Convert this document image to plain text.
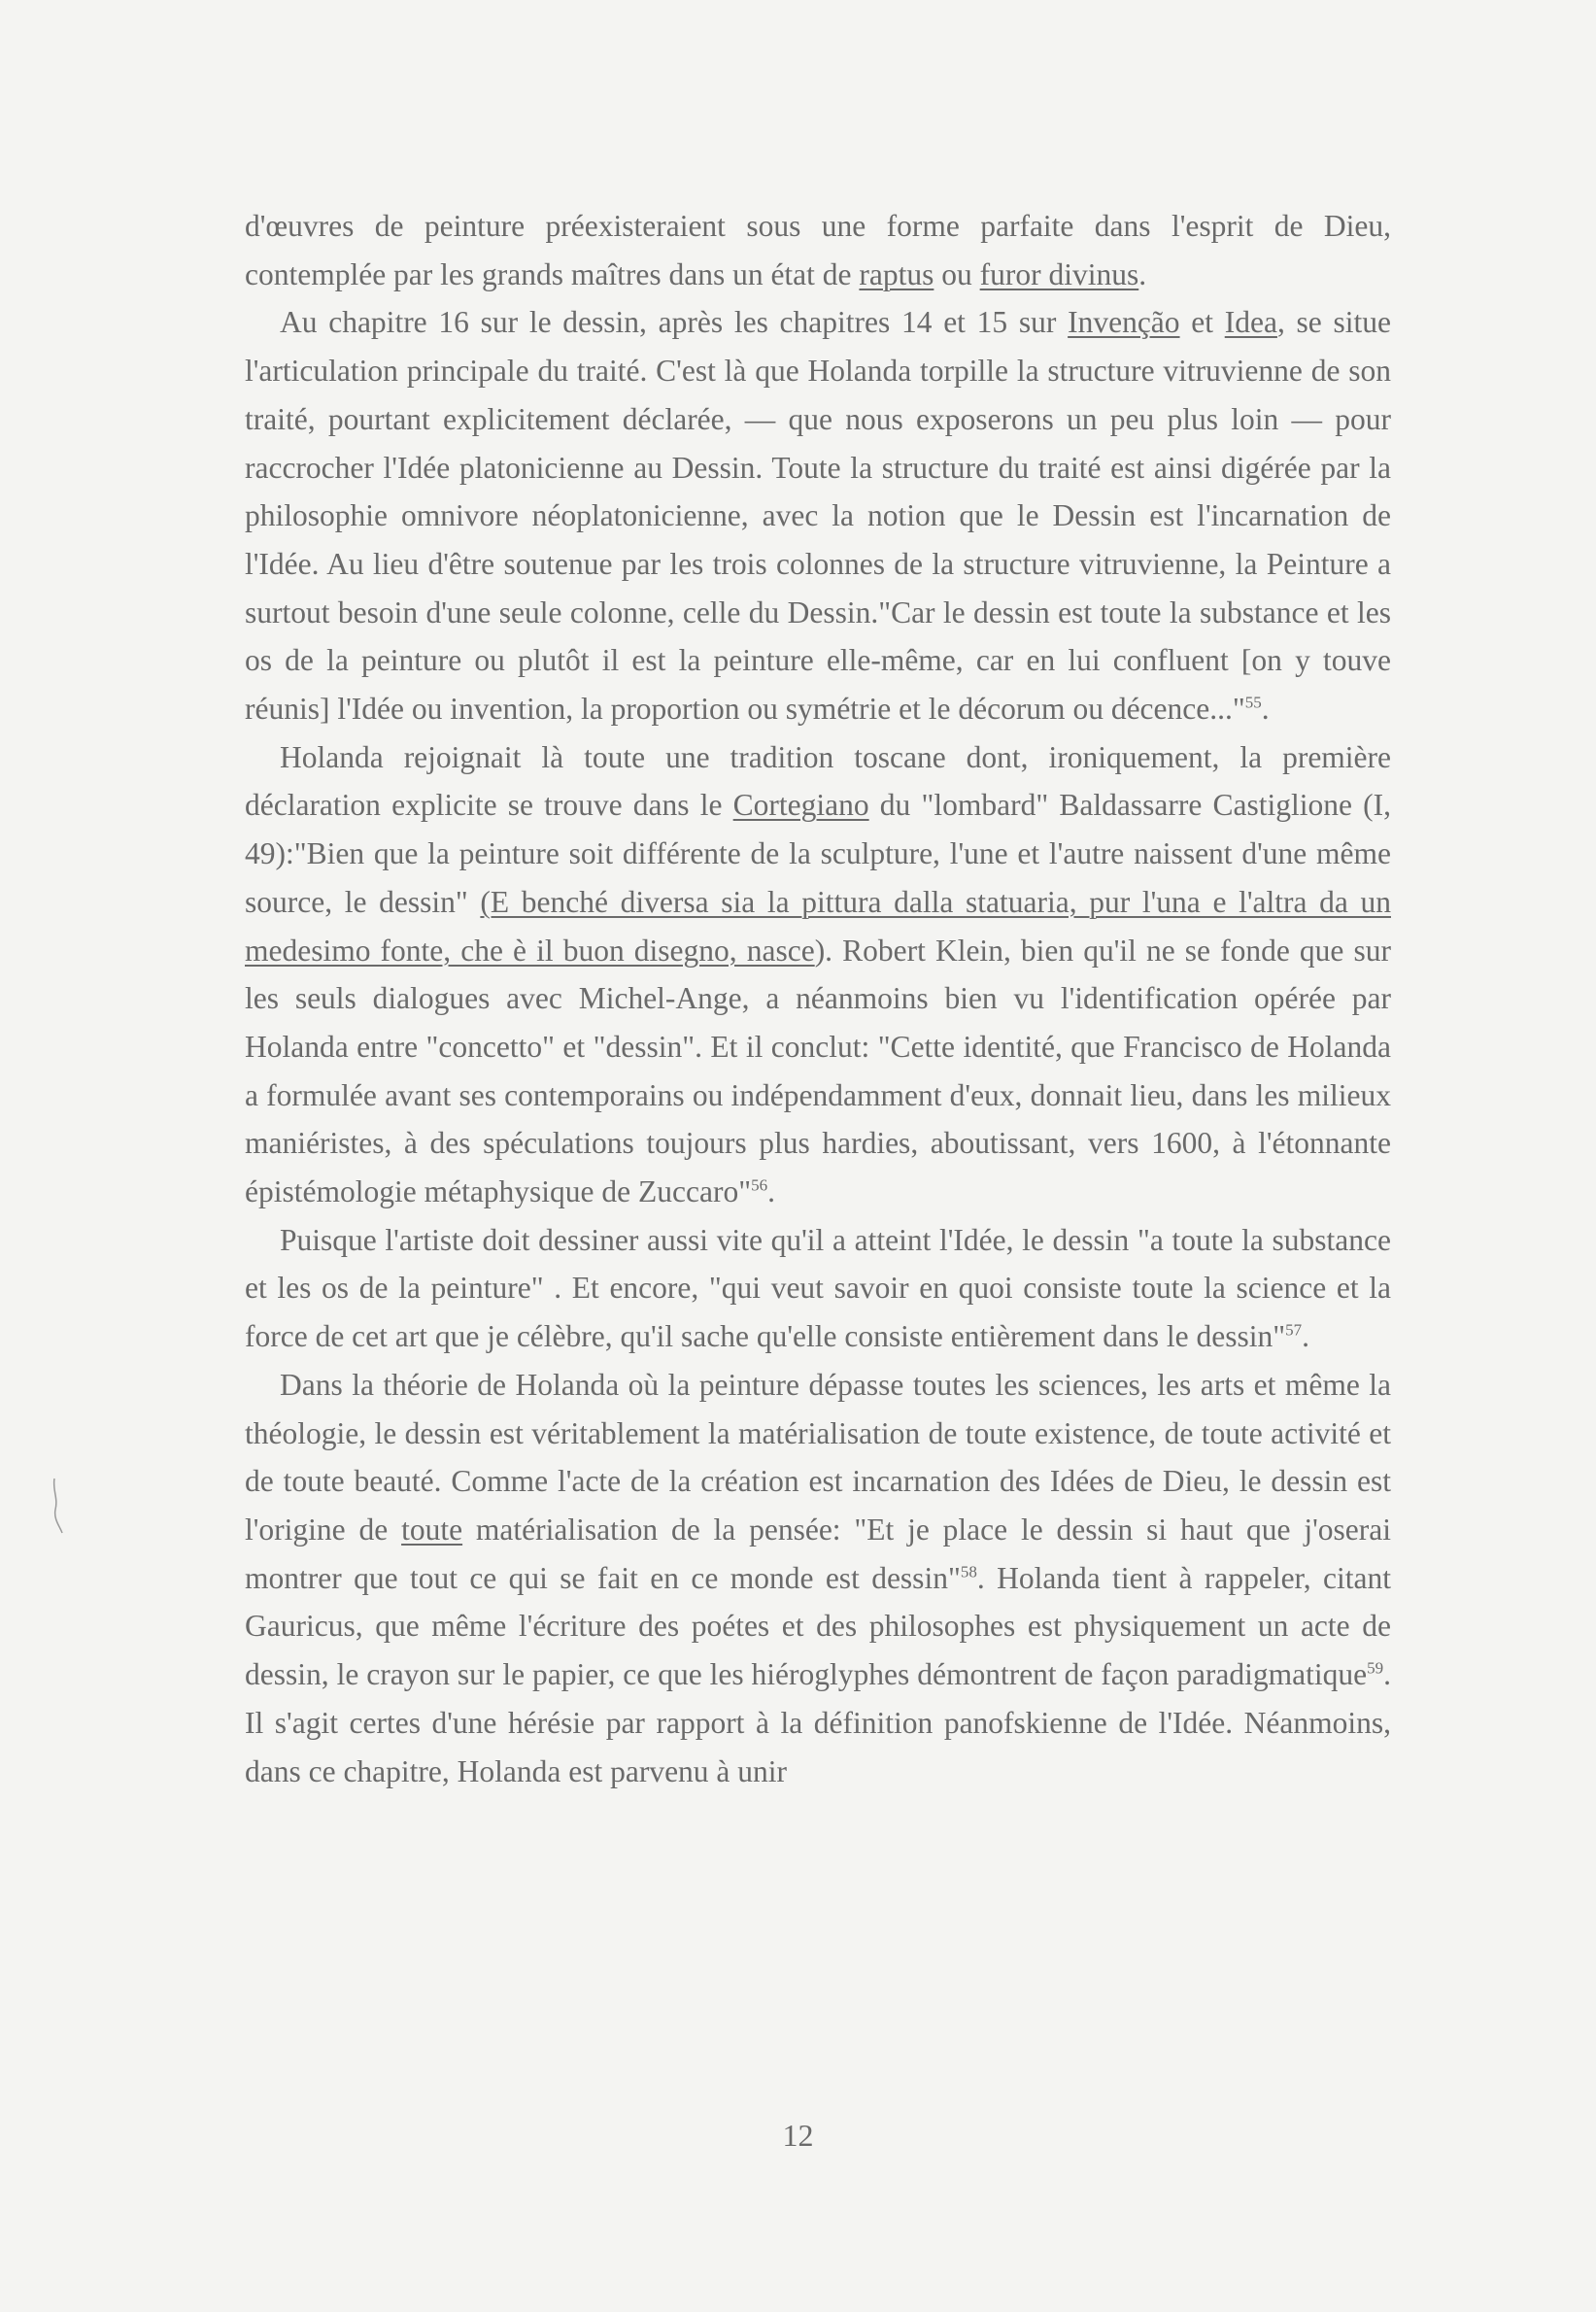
d'œuvres de peinture préexisteraient sous une forme parfaite dans l'esprit de Dieu, contemplée par les grands maîtres dans un état de raptus ou furor divinus.

Au chapitre 16 sur le dessin, après les chapitres 14 et 15 sur Invenção et Idea, se situe l'articulation principale du traité. C'est là que Holanda torpille la structure vitruvienne de son traité, pourtant explicitement déclarée, — que nous exposerons un peu plus loin — pour raccrocher l'Idée platonicienne au Dessin. Toute la structure du traité est ainsi digérée par la philosophie omnivore néoplatonicienne, avec la notion que le Dessin est l'incarnation de l'Idée. Au lieu d'être soutenue par les trois colonnes de la structure vitruvienne, la Peinture a surtout besoin d'une seule colonne, celle du Dessin."Car le dessin est toute la substance et les os de la peinture ou plutôt il est la peinture elle-même, car en lui confluent [on y touve réunis] l'Idée ou invention, la proportion ou symétrie et le décorum ou décence..."$^{55}$.

Holanda rejoignait là toute une tradition toscane dont, ironiquement, la première déclaration explicite se trouve dans le Cortegiano du "lombard" Baldassarre Castiglione (I, 49):"Bien que la peinture soit différente de la sculpture, l'une et l'autre naissent d'une même source, le dessin" (E benché diversa sia la pittura dalla statuaria, pur l'una e l'altra da un medesimo fonte, che è il buon disegno, nasce). Robert Klein, bien qu'il ne se fonde que sur les seuls dialogues avec Michel-Ange, a néanmoins bien vu l'identification opérée par Holanda entre "concetto" et "dessin". Et il conclut: "Cette identité, que Francisco de Holanda a formulée avant ses contemporains ou indépendamment d'eux, donnait lieu, dans les milieux maniéristes, à des spéculations toujours plus hardies, aboutissant, vers 1600, à l'étonnante épistémologie métaphysique de Zuccaro"$^{56}$.

Puisque l'artiste doit dessiner aussi vite qu'il a atteint l'Idée, le dessin "a toute la substance et les os de la peinture" . Et encore, "qui veut savoir en quoi consiste toute la science et la force de cet art que je célèbre, qu'il sache qu'elle consiste entièrement dans le dessin"$^{57}$.

Dans la théorie de Holanda où la peinture dépasse toutes les sciences, les arts et même la théologie, le dessin est véritablement la matérialisation de toute existence, de toute activité et de toute beauté. Comme l'acte de la création est incarnation des Idées de Dieu, le dessin est l'origine de toute matérialisation de la pensée: "Et je place le dessin si haut que j'oserai montrer que tout ce qui se fait en ce monde est dessin"$^{58}$. Holanda tient à rappeler, citant Gauricus, que même l'écriture des poétes et des philosophes est physiquement un acte de dessin, le crayon sur le papier, ce que les hiéroglyphes démontrent de façon paradigmatique$^{59}$. Il s'agit certes d'une hérésie par rapport à la définition panofskienne de l'Idée. Néanmoins, dans ce chapitre, Holanda est parvenu à unir

12
